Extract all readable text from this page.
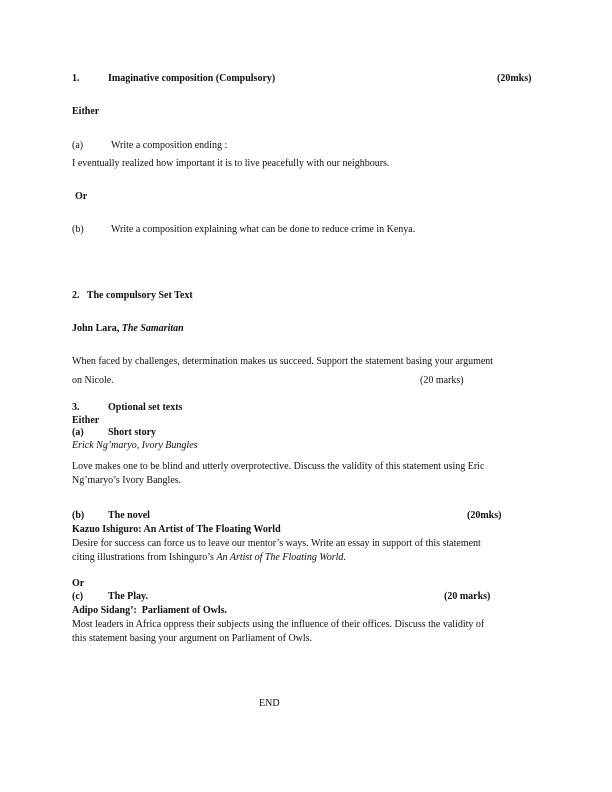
1.	Imaginative composition (Compulsory)	(20mks)
Either
(a)	Write a composition ending :
I eventually realized how important it is to live peacefully with our neighbours.
Or
(b)	Write a composition explaining what can be done to reduce crime in Kenya.
2.   The compulsory Set Text
John Lara, The Samaritan
When faced by challenges, determination makes us succeed. Support the statement basing your argument
on Nicole.	(20 marks)
3.	Optional set texts
Either
(a) Short story
Erick Ng’maryo, Ivory Bungles
Love makes one to be blind and utterly overprotective. Discuss the validity of this statement using Eric
Ng’maryo’s Ivory Bangles.
(b) The novel	(20mks)
Kazuo Ishiguro: An Artist of The Floating World
Desire for success can force us to leave our mentor’s ways. Write an essay in support of this statement
citing illustrations from Ishinguro’s An Artist of The Floating World.
Or
(c) The Play.	(20 marks)
Adipo Sidang’:  Parliament of Owls.
Most leaders in Africa oppress their subjects using the influence of their offices. Discuss the validity of
this statement basing your argument on Parliament of Owls.
END
